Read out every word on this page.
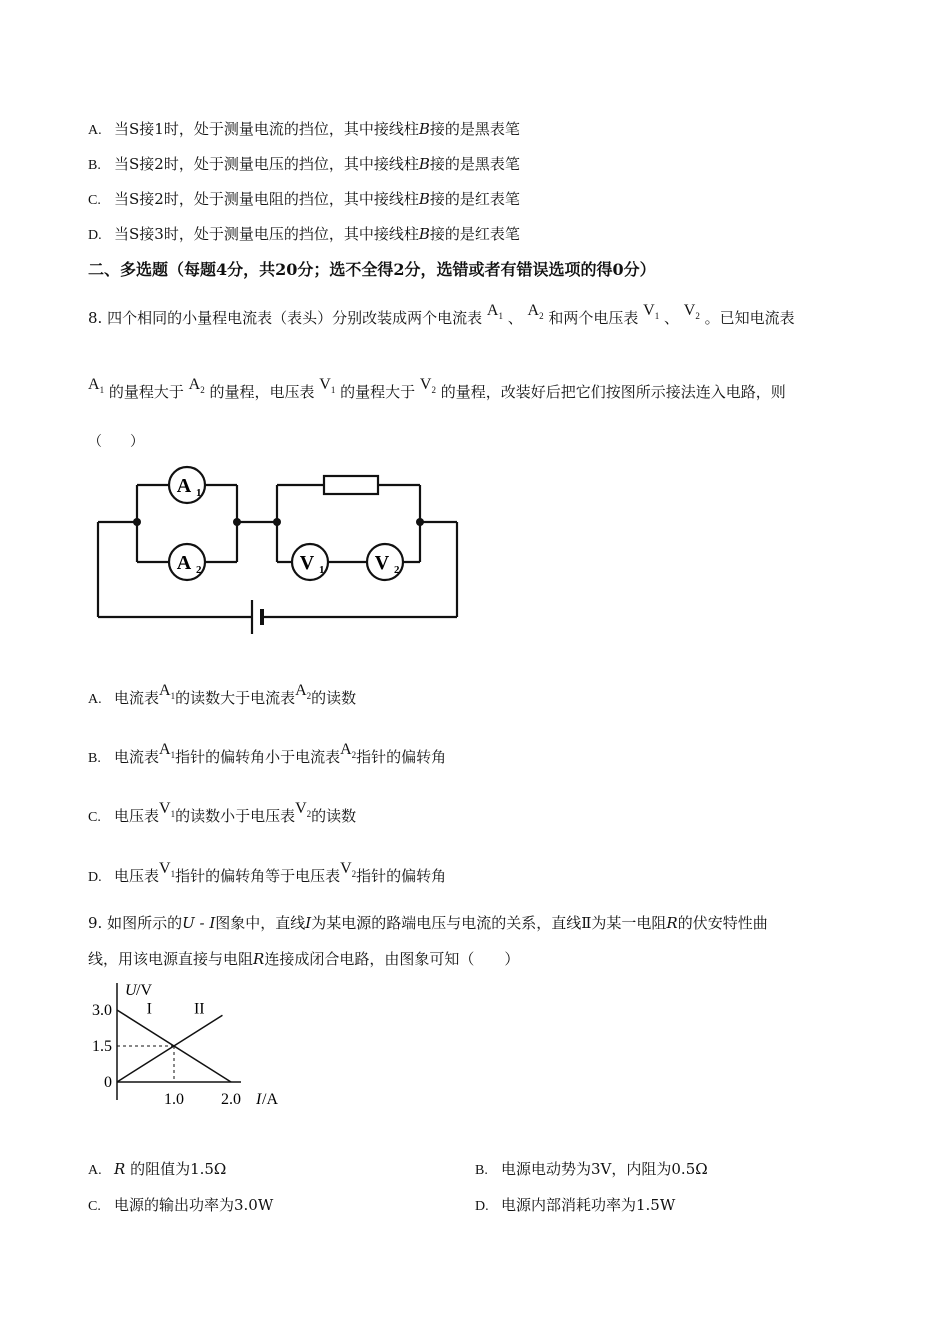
A. 当S接1时，处于测量电流的挡位，其中接线柱B接的是黑表笔
B. 当S接2时，处于测量电压的挡位，其中接线柱B接的是黑表笔
C. 当S接2时，处于测量电阻的挡位，其中接线柱B接的是红表笔
D. 当S接3时，处于测量电压的挡位，其中接线柱B接的是红表笔
二、多选题（每题4分，共20分；选不全得2分，选错或者有错误选项的得0分）
8. 四个相同的小量程电流表（表头）分别改装成两个电流表 $A_1$ 、 $A_2$ 和两个电压表 $V_1$ 、 $V_2$ 。已知电流表
$A_1$ 的量程大于 $A_2$ 的量程，电压表 $V_1$ 的量程大于 $V_2$ 的量程，改装好后把它们按图所示接法连入电路，则
（　　）
A 1
A 2	V 1	V 2
A. 电流表$A_1$的读数大于电流表$A_2$的读数
B. 电流表$A_1$指针的偏转角小于电流表$A_2$指针的偏转角
C. 电压表$V_1$的读数小于电压表$V_2$的读数
D. 电压表$V_1$指针的偏转角等于电压表$V_2$指针的偏转角
9. 如图所示的U - I图象中，直线I为某电源的路端电压与电流的关系，直线Ⅱ为某一电阻R的伏安特性曲
线，用该电源直接与电阻R连接成闭合电路，由图象可知（　　）
I	II
3.0
1.5
0
1.0 2.0
U /V
I /A
A. R 的阻值为1.5Ω	B. 电源电动势为3V，内阻为0.5Ω
C. 电源的输出功率为3.0W	D. 电源内部消耗功率为1.5W
